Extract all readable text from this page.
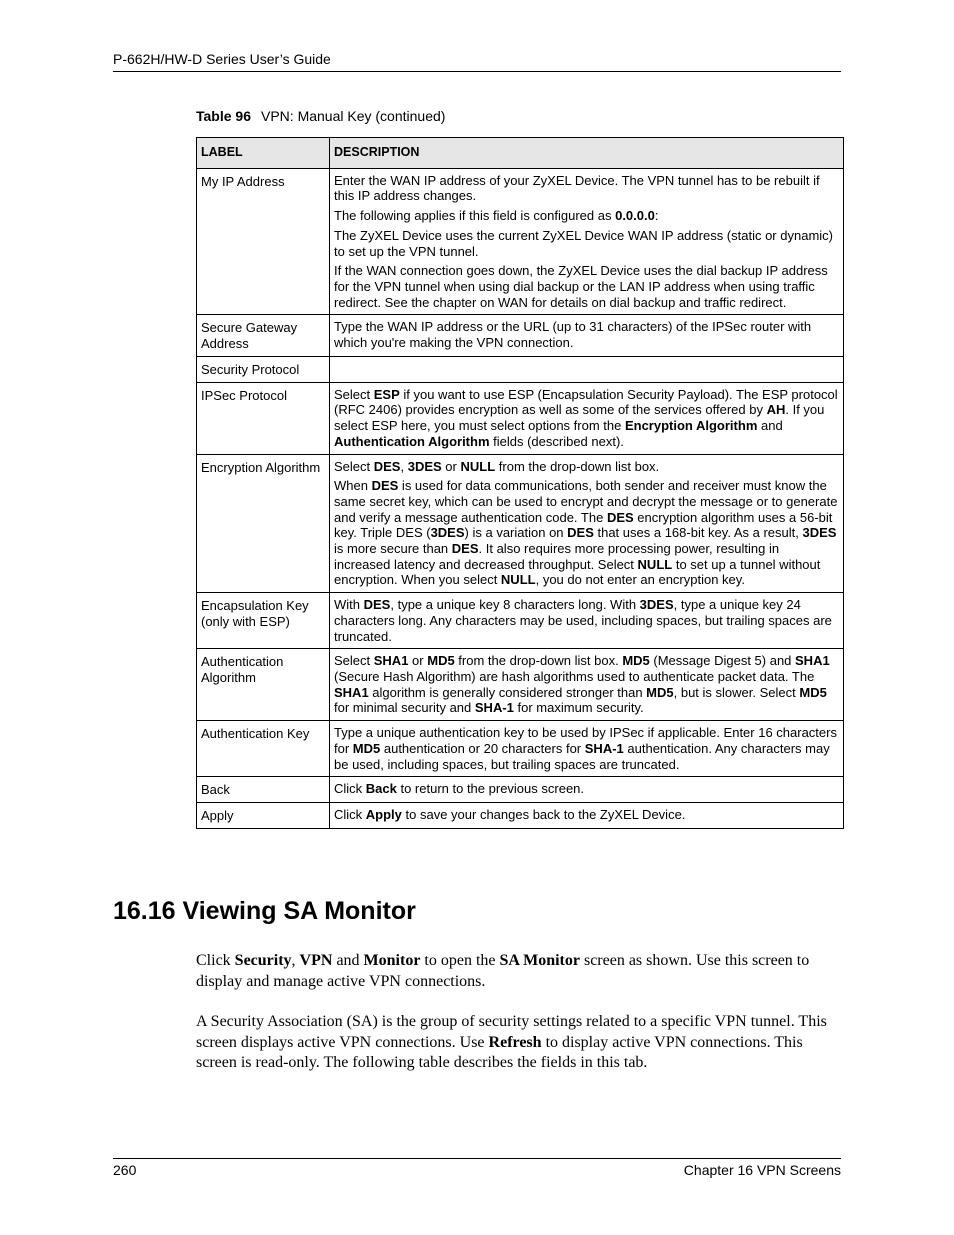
P-662H/HW-D Series User’s Guide
Table 96 VPN: Manual Key (continued)
LABEL	DESCRIPTION
My IP Address	Enter the WAN IP address of your ZyXEL Device. The VPN tunnel has to be rebuilt if this IP address changes.

The following applies if this field is configured as 0.0.0.0:

The ZyXEL Device uses the current ZyXEL Device WAN IP address (static or dynamic) to set up the VPN tunnel.

If the WAN connection goes down, the ZyXEL Device uses the dial backup IP address for the VPN tunnel when using dial backup or the LAN IP address when using traffic redirect. See the chapter on WAN for details on dial backup and traffic redirect.

Secure Gateway Address	Type the WAN IP address or the URL (up to 31 characters) of the IPSec router with which you're making the VPN connection.

Security Protocol	
IPSec Protocol	Select ESP if you want to use ESP (Encapsulation Security Payload). The ESP protocol (RFC 2406) provides encryption as well as some of the services offered by AH. If you select ESP here, you must select options from the Encryption Algorithm and Authentication Algorithm fields (described next).

Encryption Algorithm	Select DES, 3DES or NULL from the drop-down list box.

When DES is used for data communications, both sender and receiver must know the same secret key, which can be used to encrypt and decrypt the message or to generate and verify a message authentication code. The DES encryption algorithm uses a 56-bit key. Triple DES (3DES) is a variation on DES that uses a 168-bit key. As a result, 3DES is more secure than DES. It also requires more processing power, resulting in increased latency and decreased throughput. Select NULL to set up a tunnel without encryption. When you select NULL, you do not enter an encryption key.

Encapsulation Key (only with ESP)	With DES, type a unique key 8 characters long. With 3DES, type a unique key 24 characters long. Any characters may be used, including spaces, but trailing spaces are truncated.

Authentication Algorithm	Select SHA1 or MD5 from the drop-down list box. MD5 (Message Digest 5) and SHA1 (Secure Hash Algorithm) are hash algorithms used to authenticate packet data. The SHA1 algorithm is generally considered stronger than MD5, but is slower. Select MD5 for minimal security and SHA-1 for maximum security.

Authentication Key	Type a unique authentication key to be used by IPSec if applicable. Enter 16 characters for MD5 authentication or 20 characters for SHA-1 authentication. Any characters may be used, including spaces, but trailing spaces are truncated.

Back	Click Back to return to the previous screen.

Apply	Click Apply to save your changes back to the ZyXEL Device.

16.16 Viewing SA Monitor

Click Security, VPN and Monitor to open the SA Monitor screen as shown. Use this screen to display and manage active VPN connections.

A Security Association (SA) is the group of security settings related to a specific VPN tunnel. This screen displays active VPN connections. Use Refresh to display active VPN connections. This screen is read-only. The following table describes the fields in this tab.

260	Chapter 16 VPN Screens
